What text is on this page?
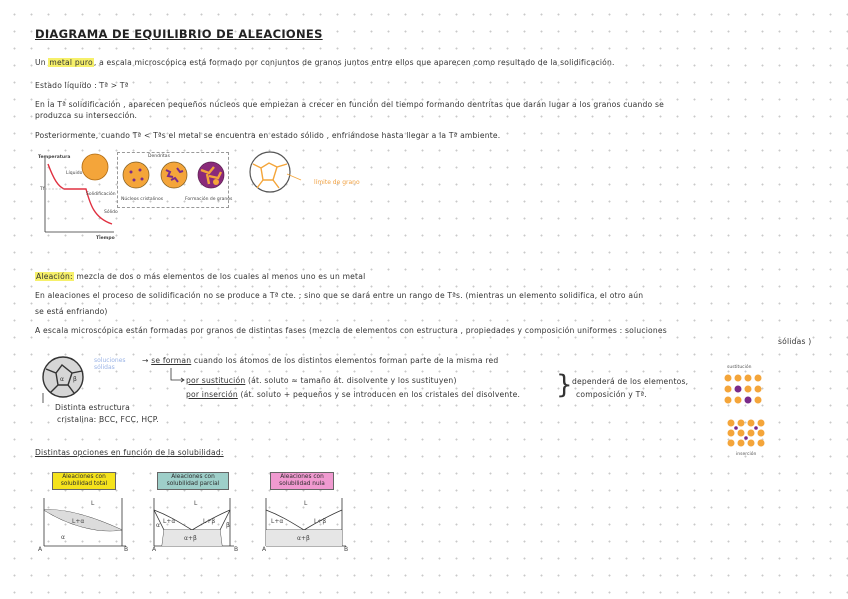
DIAGRAMA DE EQUILIBRIO DE ALEACIONES
Un metal puro, a escala microscópica está formado por conjuntos de granos juntos entre ellos que aparecen como resultado de la solidificación.
Estado líquido : Tª > Tª
En la Tª solidificación , aparecen pequeños núcleos que empiezan a crecer en función del tiempo formando dentritas que darán lugar a los granos cuando se
produzca su intersección.
Posteriormente, cuando Tª < Tªs el metal se encuentra en estado sólido , enfriándose hasta llegar a la Tª ambiente.
Temperatura
Tf
Líquido
Solidificación
Sólido
Tiempo
Dendritas
Núcleos cristalinos	Formación de granos
límite de grano
Aleación: mezcla de dos o más elementos de los cuales al menos uno es un metal
En aleaciones el proceso de solidificación no se produce a Tª cte. ; sino que se dará entre un rango de Tªs. (mientras un elemento solidifica, el otro aún
se está enfriando)
A escala microscópica están formadas por granos de distintas fases (mezcla de elementos con estructura , propiedades y composición uniformes : soluciones
sólidas )
α β
soluciones sólidas
→ se forman cuando los átomos de los distintos elementos forman parte de la misma red
por sustitución (át. soluto ≈ tamaño át. disolvente y los sustituyen)
por inserción (át. soluto + pequeños y se introducen en los cristales del disolvente. } dependerá de los elementos,
composición y Tª.
Distinta estructura
cristalina: BCC, FCC, HCP.
sustitución
inserción
Distintas opciones en función de la solubilidad:
Aleaciones con solubilidad total
Aleaciones con solubilidad parcial
Aleaciones con solubilidad nula
L
L+α
α
A	B
L
L+α	L+β
α	β
α+β
A	B
L
L+α	L+β
α+β
A	B
